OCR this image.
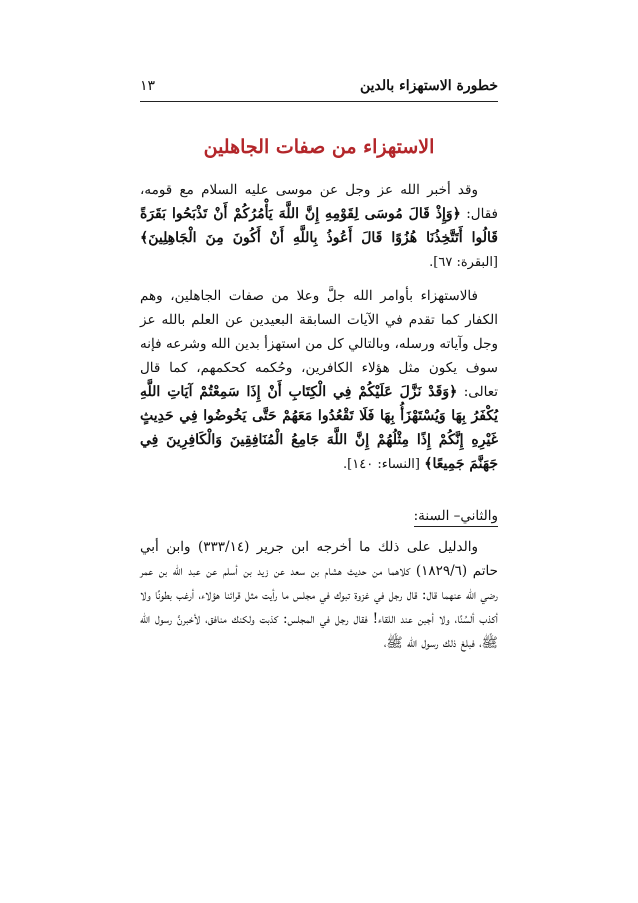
خطورة الاستهزاء بالدين
١٣
الاستهزاء من صفات الجاهلين

وقد أخبر الله عز وجل عن موسى عليه السلام مع قومه، فقال: ﴿وَإِذْ قَالَ مُوسَى لِقَوْمِهِ إِنَّ اللَّهَ يَأْمُرُكُمْ أَنْ تَذْبَحُوا بَقَرَةً قَالُوا أَتَتَّخِذُنَا هُزُوًا قَالَ أَعُوذُ بِاللَّهِ أَنْ أَكُونَ مِنَ الْجَاهِلِينَ﴾ [البقرة: ٦٧].

فالاستهزاء بأوامر الله جلَّ وعلا من صفات الجاهلين، وهم الكفار كما تقدم في الآيات السابقة البعيدين عن العلم بالله عز وجل وآياته ورسله، وبالتالي كل من استهزأ بدين الله وشرعه فإنه سوف يكون مثل هؤلاء الكافرين، وحُكمه كحكمهم، كما قال تعالى: ﴿وَقَدْ نَزَّلَ عَلَيْكُمْ فِي الْكِتَابِ أَنْ إِذَا سَمِعْتُمْ آيَاتِ اللَّهِ يُكْفَرُ بِهَا وَيُسْتَهْزَأُ بِهَا فَلَا تَقْعُدُوا مَعَهُمْ حَتَّى يَخُوضُوا فِي حَدِيثٍ غَيْرِهِ إِنَّكُمْ إِذًا مِثْلُهُمْ إِنَّ اللَّهَ جَامِعُ الْمُنَافِقِينَ وَالْكَافِرِينَ فِي جَهَنَّمَ جَمِيعًا﴾ [النساء: ١٤٠].

والثاني– السنة:

والدليل على ذلك ما أخرجه ابن جرير (٣٣٣/١٤) وابن أبي حاتم (١٨٢٩/٦) كلاهما من حديث هشام بن سعد عن زيد بن أسلم عن عبد الله بن عمر رضي الله عنهما قال: قال رجل في غزوة تبوك في مجلس ما رأيت مثل قرائنا هؤلاء، أرغب بطونًا ولا أكذب ألسُنًا، ولا أجبن عند اللقاء! فقال رجل في المجلس: كذبت ولكنك منافق، لأخبرنَّ رسول الله ﷺ، فبلغ ذلك رسول الله ﷺ،
